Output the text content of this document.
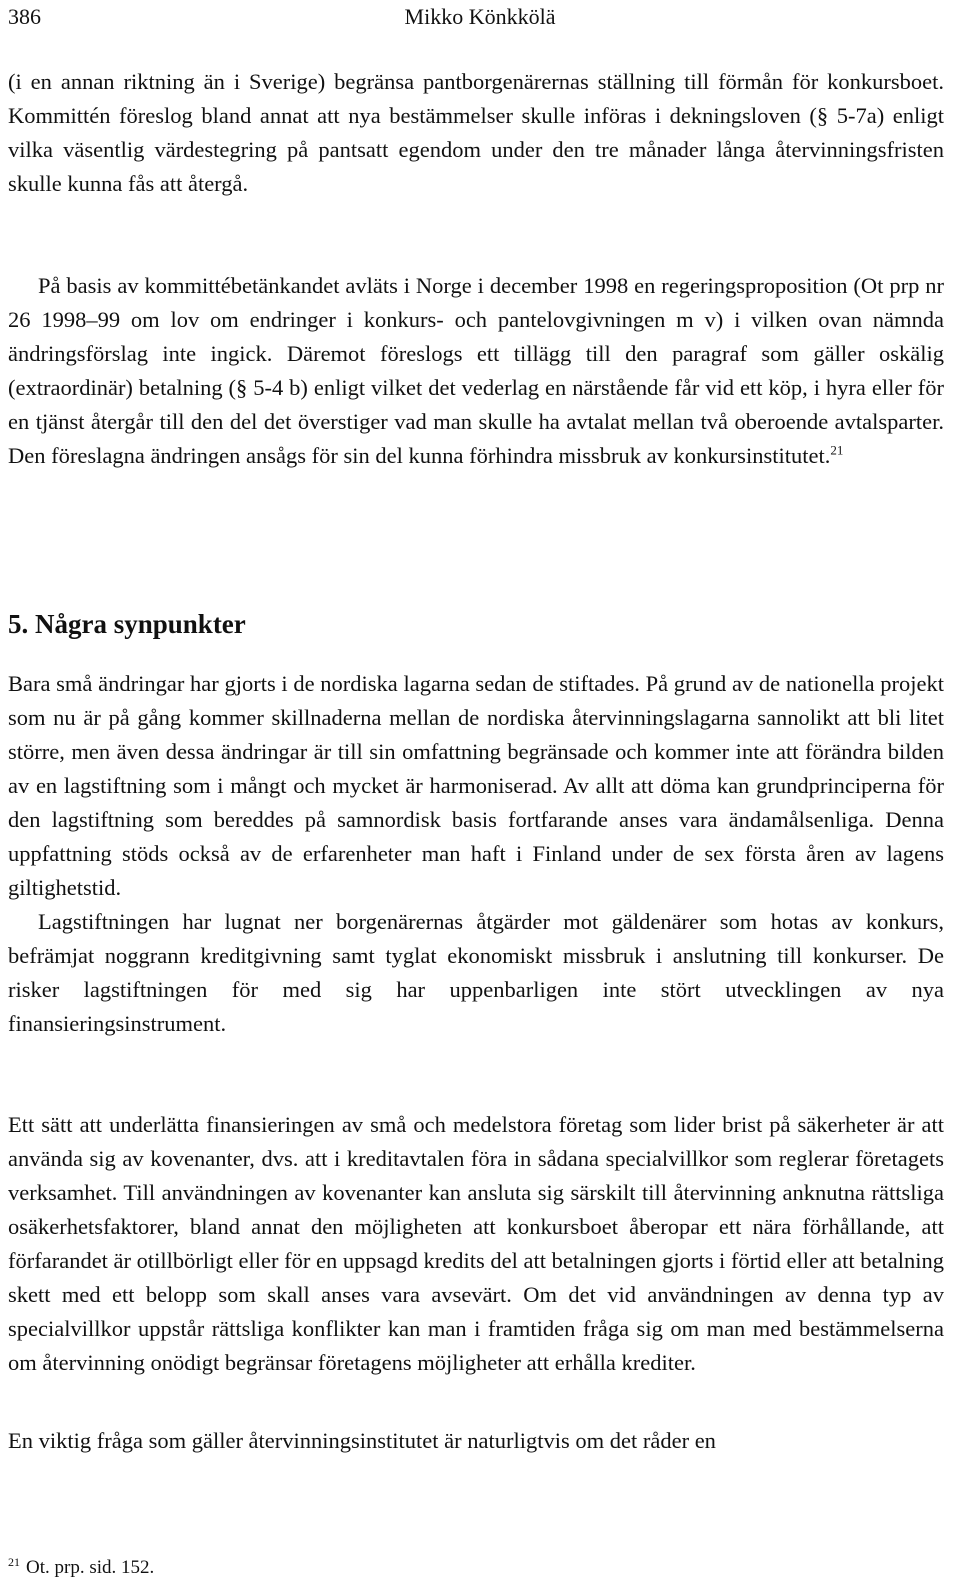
386	Mikko Könkkölä

(i en annan riktning än i Sverige) begränsa pantborgenärernas ställning till förmån för konkursboet. Kommittén föreslog bland annat att nya bestämmelser skulle införas i dekningsloven (§ 5-7a) enligt vilka väsentlig värdestegring på pantsatt egendom under den tre månader långa återvinningsfristen skulle kunna fås att återgå.

På basis av kommittébetänkandet avläts i Norge i december 1998 en regeringsproposition (Ot prp nr 26 1998–99 om lov om endringer i konkurs- och pantelovgivningen m v) i vilken ovan nämnda ändringsförslag inte ingick. Däremot föreslogs ett tillägg till den paragraf som gäller oskälig (extraordinär) betalning (§ 5-4 b) enligt vilket det vederlag en närstående får vid ett köp, i hyra eller för en tjänst återgår till den del det överstiger vad man skulle ha avtalat mellan två oberoende avtalsparter. Den föreslagna ändringen ansågs för sin del kunna förhindra missbruk av konkursinstitutet.$^{21}$

5. Några synpunkter

Bara små ändringar har gjorts i de nordiska lagarna sedan de stiftades. På grund av de nationella projekt som nu är på gång kommer skillnaderna mellan de nordiska återvinningslagarna sannolikt att bli litet större, men även dessa ändringar är till sin omfattning begränsade och kommer inte att förändra bilden av en lagstiftning som i mångt och mycket är harmoniserad. Av allt att döma kan grundprinciperna för den lagstiftning som bereddes på samnordisk basis fortfarande anses vara ändamålsenliga. Denna uppfattning stöds också av de erfarenheter man haft i Finland under de sex första åren av lagens giltighetstid.

Lagstiftningen har lugnat ner borgenärernas åtgärder mot gäldenärer som hotas av konkurs, befrämjat noggrann kreditgivning samt tyglat ekonomiskt missbruk i anslutning till konkurser. De risker lagstiftningen för med sig har uppenbarligen inte stört utvecklingen av nya finansieringsinstrument.

Ett sätt att underlätta finansieringen av små och medelstora företag som lider brist på säkerheter är att använda sig av kovenanter, dvs. att i kreditavtalen föra in sådana specialvillkor som reglerar företagets verksamhet. Till användningen av kovenanter kan ansluta sig särskilt till återvinning anknutna rättsliga osäkerhetsfaktorer, bland annat den möjligheten att konkursboet åberopar ett nära förhållande, att förfarandet är otillbörligt eller för en uppsagd kredits del att betalningen gjorts i förtid eller att betalning skett med ett belopp som skall anses vara avsevärt. Om det vid användningen av denna typ av specialvillkor uppstår rättsliga konflikter kan man i framtiden fråga sig om man med bestämmelserna om återvinning onödigt begränsar företagens möjligheter att erhålla krediter.

En viktig fråga som gäller återvinningsinstitutet är naturligtvis om det råder en

$^{21}$ Ot. prp. sid. 152.
